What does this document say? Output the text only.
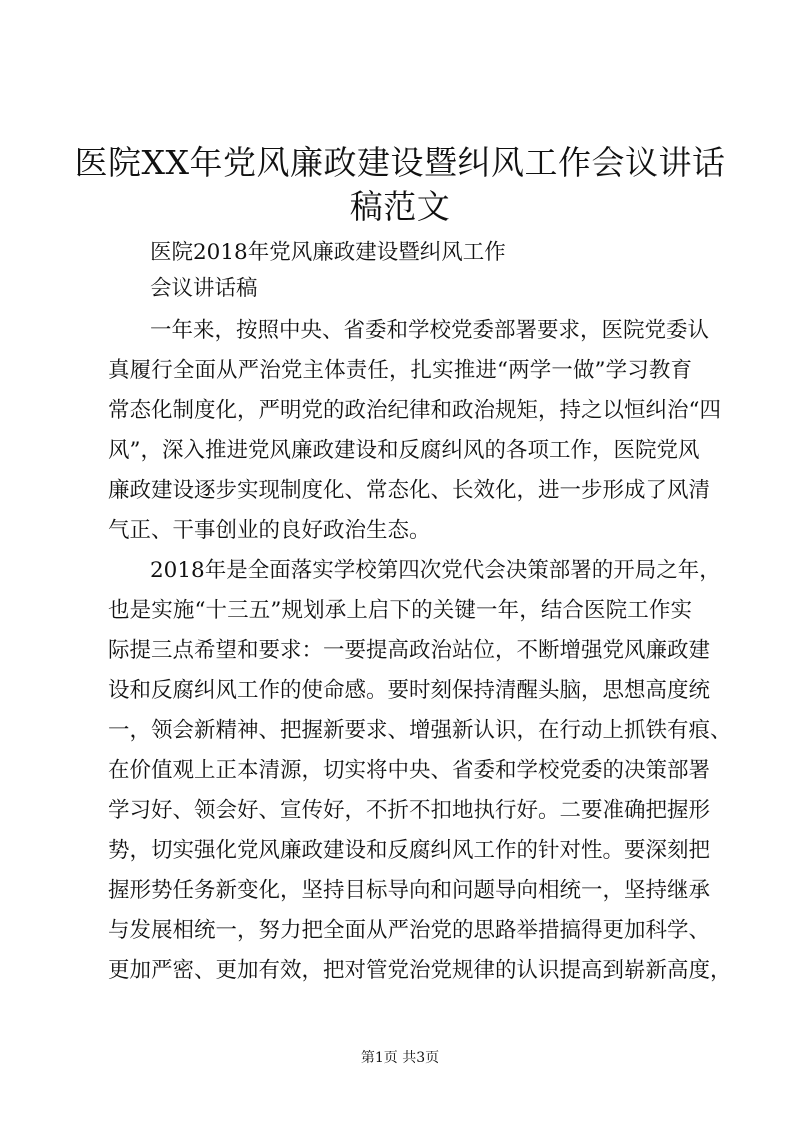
医院XX年党风廉政建设暨纠风工作会议讲话
稿范文

医院2018年党风廉政建设暨纠风工作

会议讲话稿

一年来，按照中央、省委和学校党委部署要求，医院党委认

真履行全面从严治党主体责任，扎实推进“两学一做”学习教育

常态化制度化，严明党的政治纪律和政治规矩，持之以恒纠治“四

风”，深入推进党风廉政建设和反腐纠风的各项工作，医院党风

廉政建设逐步实现制度化、常态化、长效化，进一步形成了风清

气正、干事创业的良好政治生态。

2018年是全面落实学校第四次党代会决策部署的开局之年，

也是实施“十三五”规划承上启下的关键一年，结合医院工作实

际提三点希望和要求：一要提高政治站位，不断增强党风廉政建

设和反腐纠风工作的使命感。要时刻保持清醒头脑，思想高度统

一，领会新精神、把握新要求、增强新认识，在行动上抓铁有痕、

在价值观上正本清源，切实将中央、省委和学校党委的决策部署

学习好、领会好、宣传好，不折不扣地执行好。二要准确把握形

势，切实强化党风廉政建设和反腐纠风工作的针对性。要深刻把

握形势任务新变化，坚持目标导向和问题导向相统一，坚持继承

与发展相统一，努力把全面从严治党的思路举措搞得更加科学、

更加严密、更加有效，把对管党治党规律的认识提高到崭新高度，

第1页 共3页
